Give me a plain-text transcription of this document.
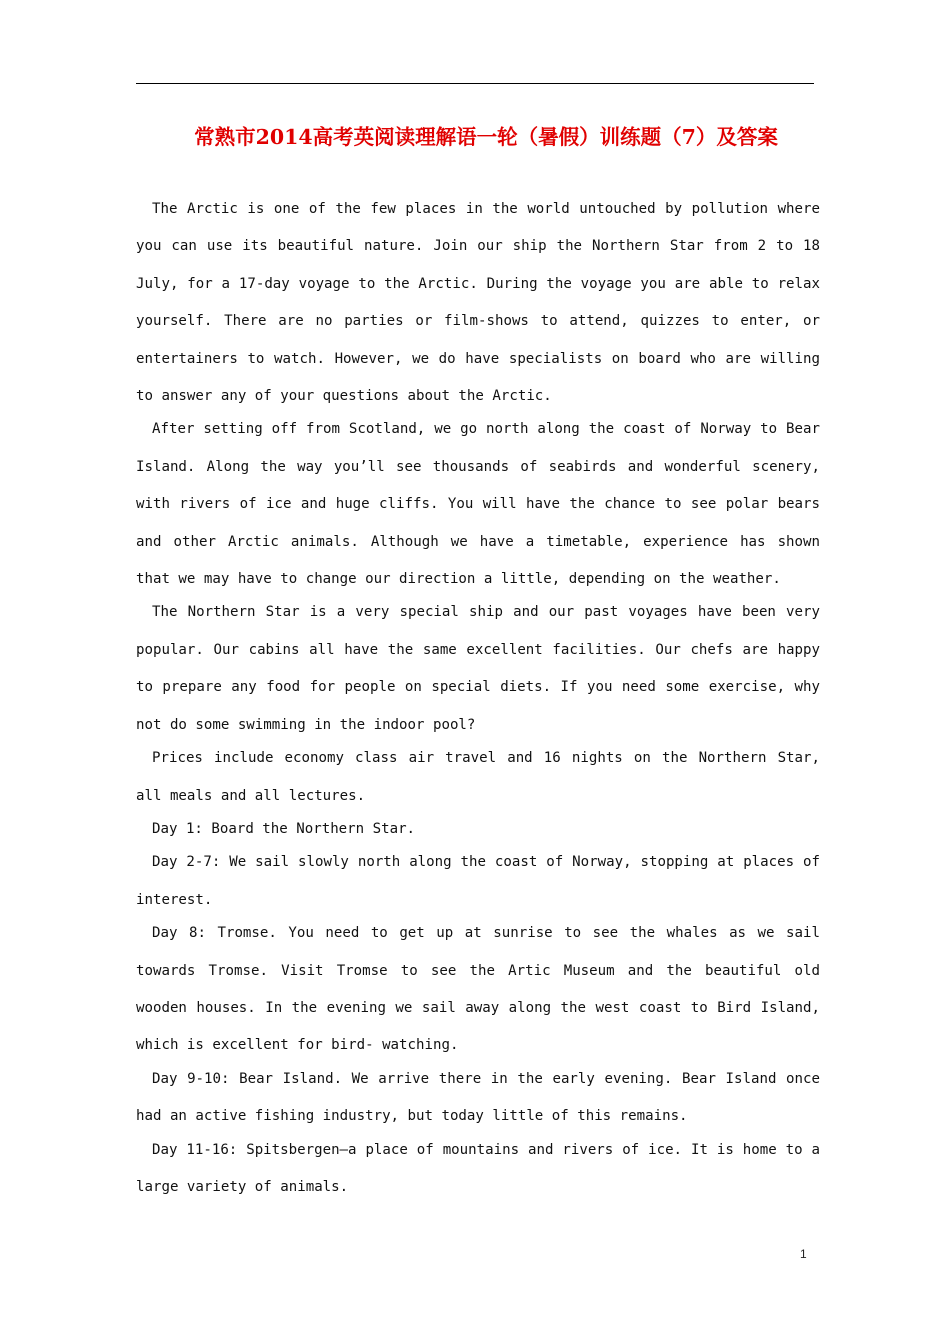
常熟市2014高考英阅读理解语一轮（暑假）训练题（7）及答案

The Arctic is one of the few places in the world untouched by pollution where you can use its beautiful nature. Join our ship the Northern Star from 2 to 18 July, for a 17-day voyage to the Arctic. During the voyage you are able to relax yourself. There are no parties or film-shows to attend, quizzes to enter, or entertainers to watch. However, we do have specialists on board who are willing to answer any of your questions about the Arctic.

After setting off from Scotland, we go north along the coast of Norway to Bear Island. Along the way you’ll see thousands of seabirds and wonderful scenery, with rivers of ice and huge cliffs. You will have the chance to see polar bears and other Arctic animals. Although we have a timetable, experience has shown that we may have to change our direction a little, depending on the weather.

The Northern Star is a very special ship and our past voyages have been very popular. Our cabins all have the same excellent facilities. Our chefs are happy to prepare any food for people on special diets. If you need some exercise, why not do some swimming in the indoor pool?

Prices include economy class air travel and 16 nights on the Northern Star, all meals and all lectures.

Day 1: Board the Northern Star.

Day 2-7: We sail slowly north along the coast of Norway, stopping at places of interest.

Day 8: Tromse. You need to get up at sunrise to see the whales as we sail towards Tromse. Visit Tromse to see the Artic Museum and the beautiful old wooden houses. In the evening we sail away along the west coast to Bird Island, which is excellent for bird- watching.

Day 9-10: Bear Island. We arrive there in the early evening. Bear Island once had an active fishing industry, but today little of this remains.

Day 11-16: Spitsbergen—a place of mountains and rivers of ice. It is home to a large variety of animals.

1
